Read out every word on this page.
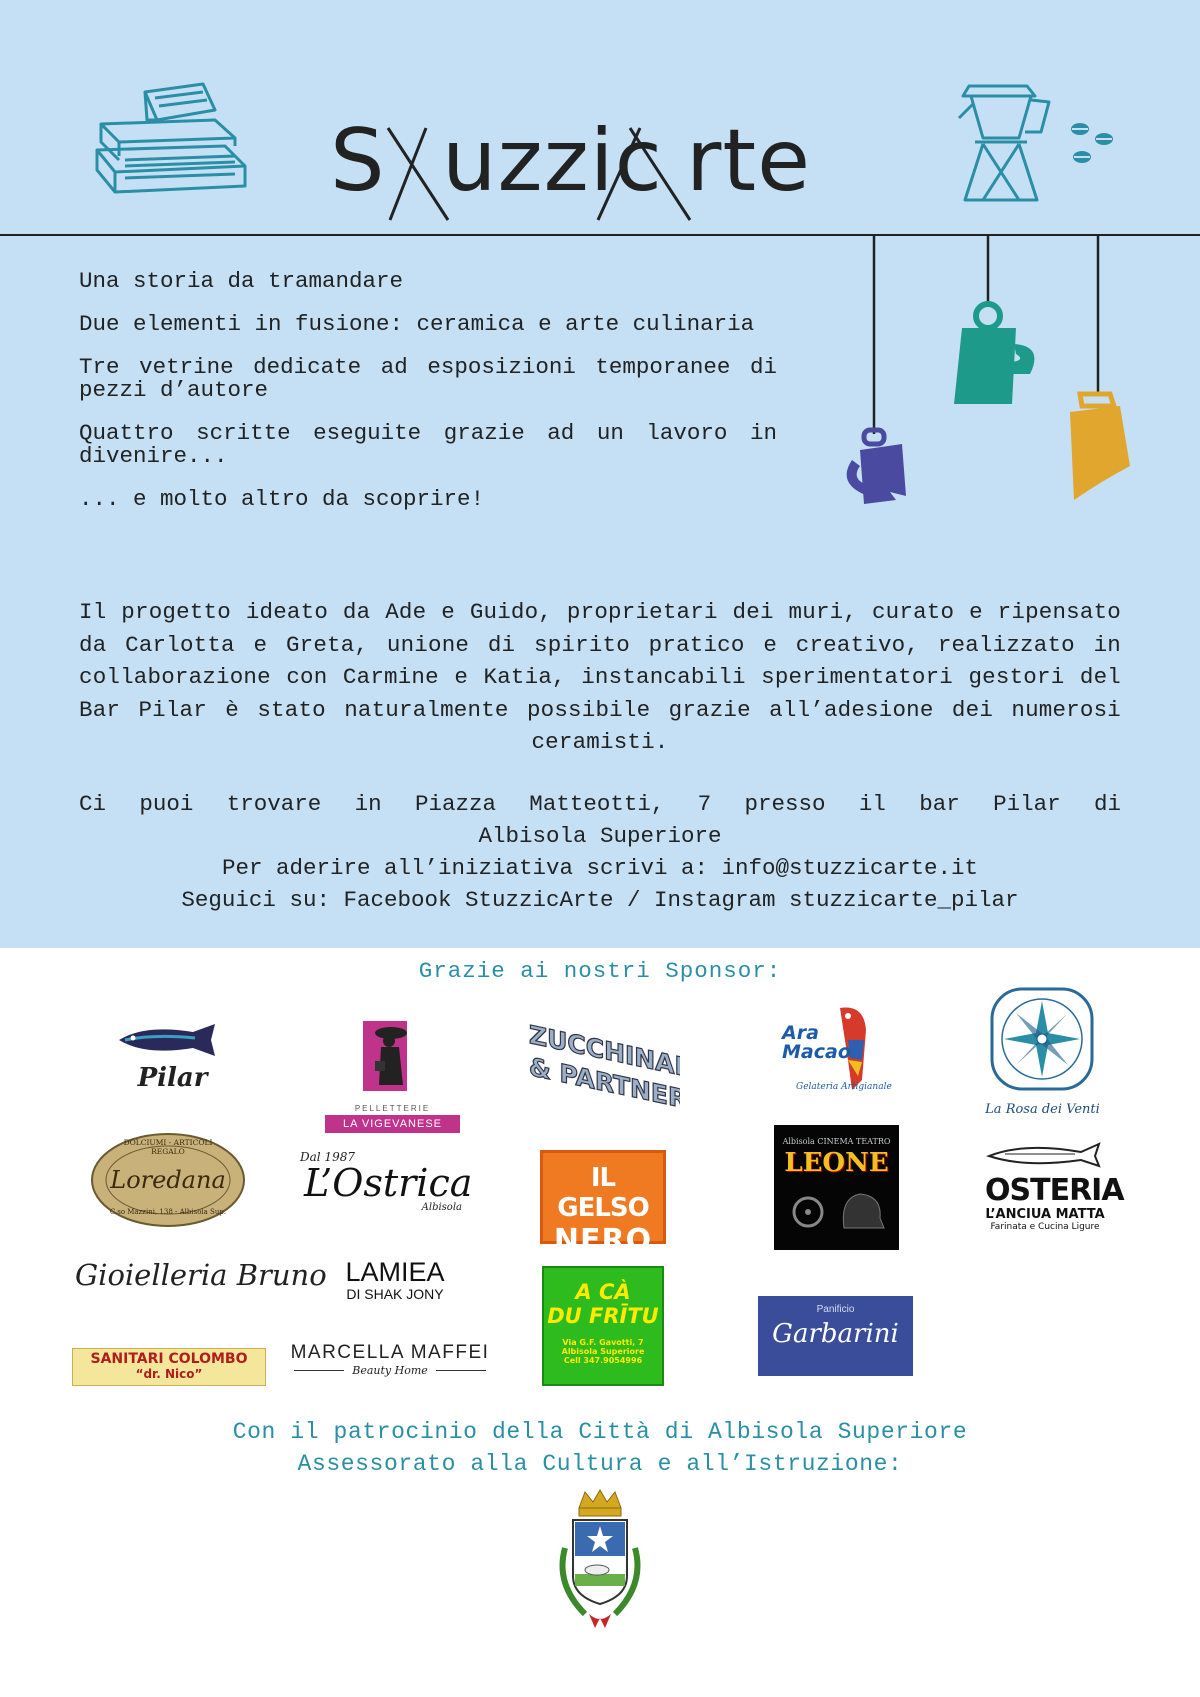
S uzzic rte

Una storia da tramandare

Due elementi in fusione: ceramica e arte culinaria

Tre vetrine dedicate ad esposizioni temporanee di pezzi d’autore

Quattro scritte eseguite grazie ad un lavoro in divenire...

... e molto altro da scoprire!

Il progetto ideato da Ade e Guido, proprietari dei muri, curato e ripensato da Carlotta e Greta, unione di spirito pratico e creativo, realizzato in collaborazione con Carmine e Katia, instancabili sperimentatori gestori del Bar Pilar è stato naturalmente possibile grazie all’adesione dei numerosi ceramisti.
Ci puoi trovare in Piazza Matteotti, 7 presso il bar Pilar di
Albisola Superiore
Per aderire all’iniziativa scrivi a: info@stuzzicarte.it
Seguici su: Facebook StuzzicArte / Instagram stuzzicarte_pilar
Grazie ai nostri Sponsor:
Pilar
PELLETTERIE
LA VIGEVANESE
ZUCCHINALI
& PARTNERS
Ara
Macao
Gelateria Artigianale
La Rosa dei Venti
DOLCIUMI - ARTICOLI REGALO
Loredana
C.so Mazzini, 138 - Albisola Sup.
Dal 1987
L’Ostrica
Albisola
IL GELSO
NERO
Albisola CINEMA TEATRO
LEONE
OSTERIA
L’ANCIUA MATTA
Farinata e Cucina Ligure
Gioielleria Bruno LAMIEA
DI SHAK JONY	A CÀ
DU FRĪTU
Via G.F. Gavotti, 7
Albisola Superiore
Cell 347.9054996
Panificio
Garbarini
SANITARI COLOMBO
“dr. Nico”
MARCELLA MAFFEI
Beauty Home
Con il patrocinio della Città di Albisola Superiore
Assessorato alla Cultura e all’Istruzione:
